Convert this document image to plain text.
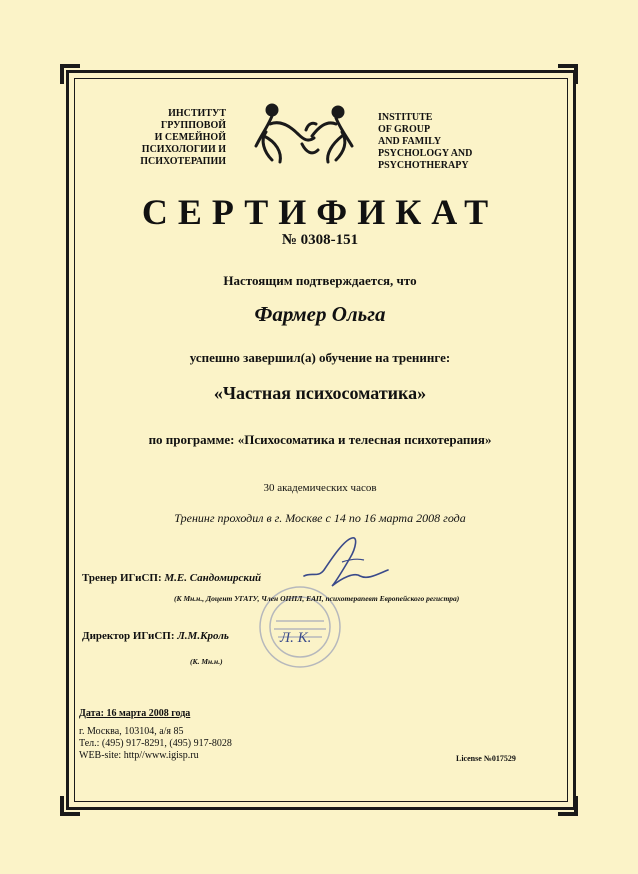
ИНСТИТУТ
ГРУППОВОЙ
И СЕМЕЙНОЙ
ПСИХОЛОГИИ И
ПСИХОТЕРАПИИ
INSTITUTE
OF GROUP
AND FAMILY
PSYCHOLOGY AND
PSYCHOTHERAPY
СЕРТИФИКАТ
№ 0308-151
Настоящим подтверждается, что
Фармер Ольга
успешно завершил(а) обучение на тренинге:
«Частная психосоматика»
по программе: «Психосоматика и телесная психотерапия»
30 академических часов
Тренинг проходил в г. Москве с 14 по 16 марта 2008 года
Тренер ИГиСП: М.Е. Сандомирский
(К Мн.н., Доцент УГАТУ, Член ОППЛ, ЕАП, психотерапевт Европейского регистра)
Директор ИГиСП: Л.М.Кроль	Л. К.
(К. Мн.н.)
Дата: 16 марта 2008 года
г. Москва, 103104, а/я 85
Тел.: (495) 917-8291, (495) 917-8028
WEB-site: http//www.igisp.ru	License №017529
